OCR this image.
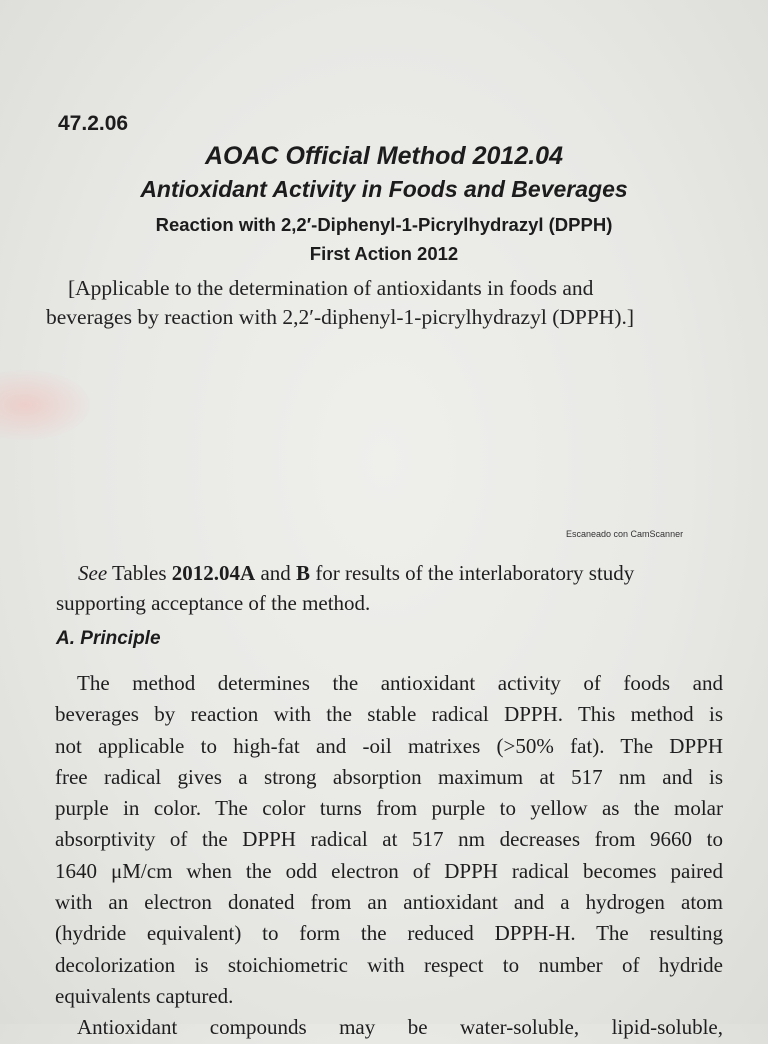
47.2.06
AOAC Official Method 2012.04
Antioxidant Activity in Foods and Beverages
Reaction with 2,2′-Diphenyl-1-Picrylhydrazyl (DPPH)
First Action 2012
[Applicable to the determination of antioxidants in foods and
beverages by reaction with 2,2′-diphenyl-1-picrylhydrazyl (DPPH).]
Escaneado con CamScanner

See Tables 2012.04A and B for results of the interlaboratory study supporting acceptance of the method.

A. Principle

The method determines the antioxidant activity of foods and
beverages by reaction with the stable radical DPPH. This method is
not applicable to high-fat and -oil matrixes (>50% fat). The DPPH
free radical gives a strong absorption maximum at 517 nm and is
purple in color. The color turns from purple to yellow as the molar
absorptivity of the DPPH radical at 517 nm decreases from 9660 to
1640 μM/cm when the odd electron of DPPH radical becomes paired
with an electron donated from an antioxidant and a hydrogen atom
(hydride equivalent) to form the reduced DPPH-H. The resulting
decolorization is stoichiometric with respect to number of hydride
equivalents captured.
Antioxidant compounds may be water-soluble, lipid-soluble,
